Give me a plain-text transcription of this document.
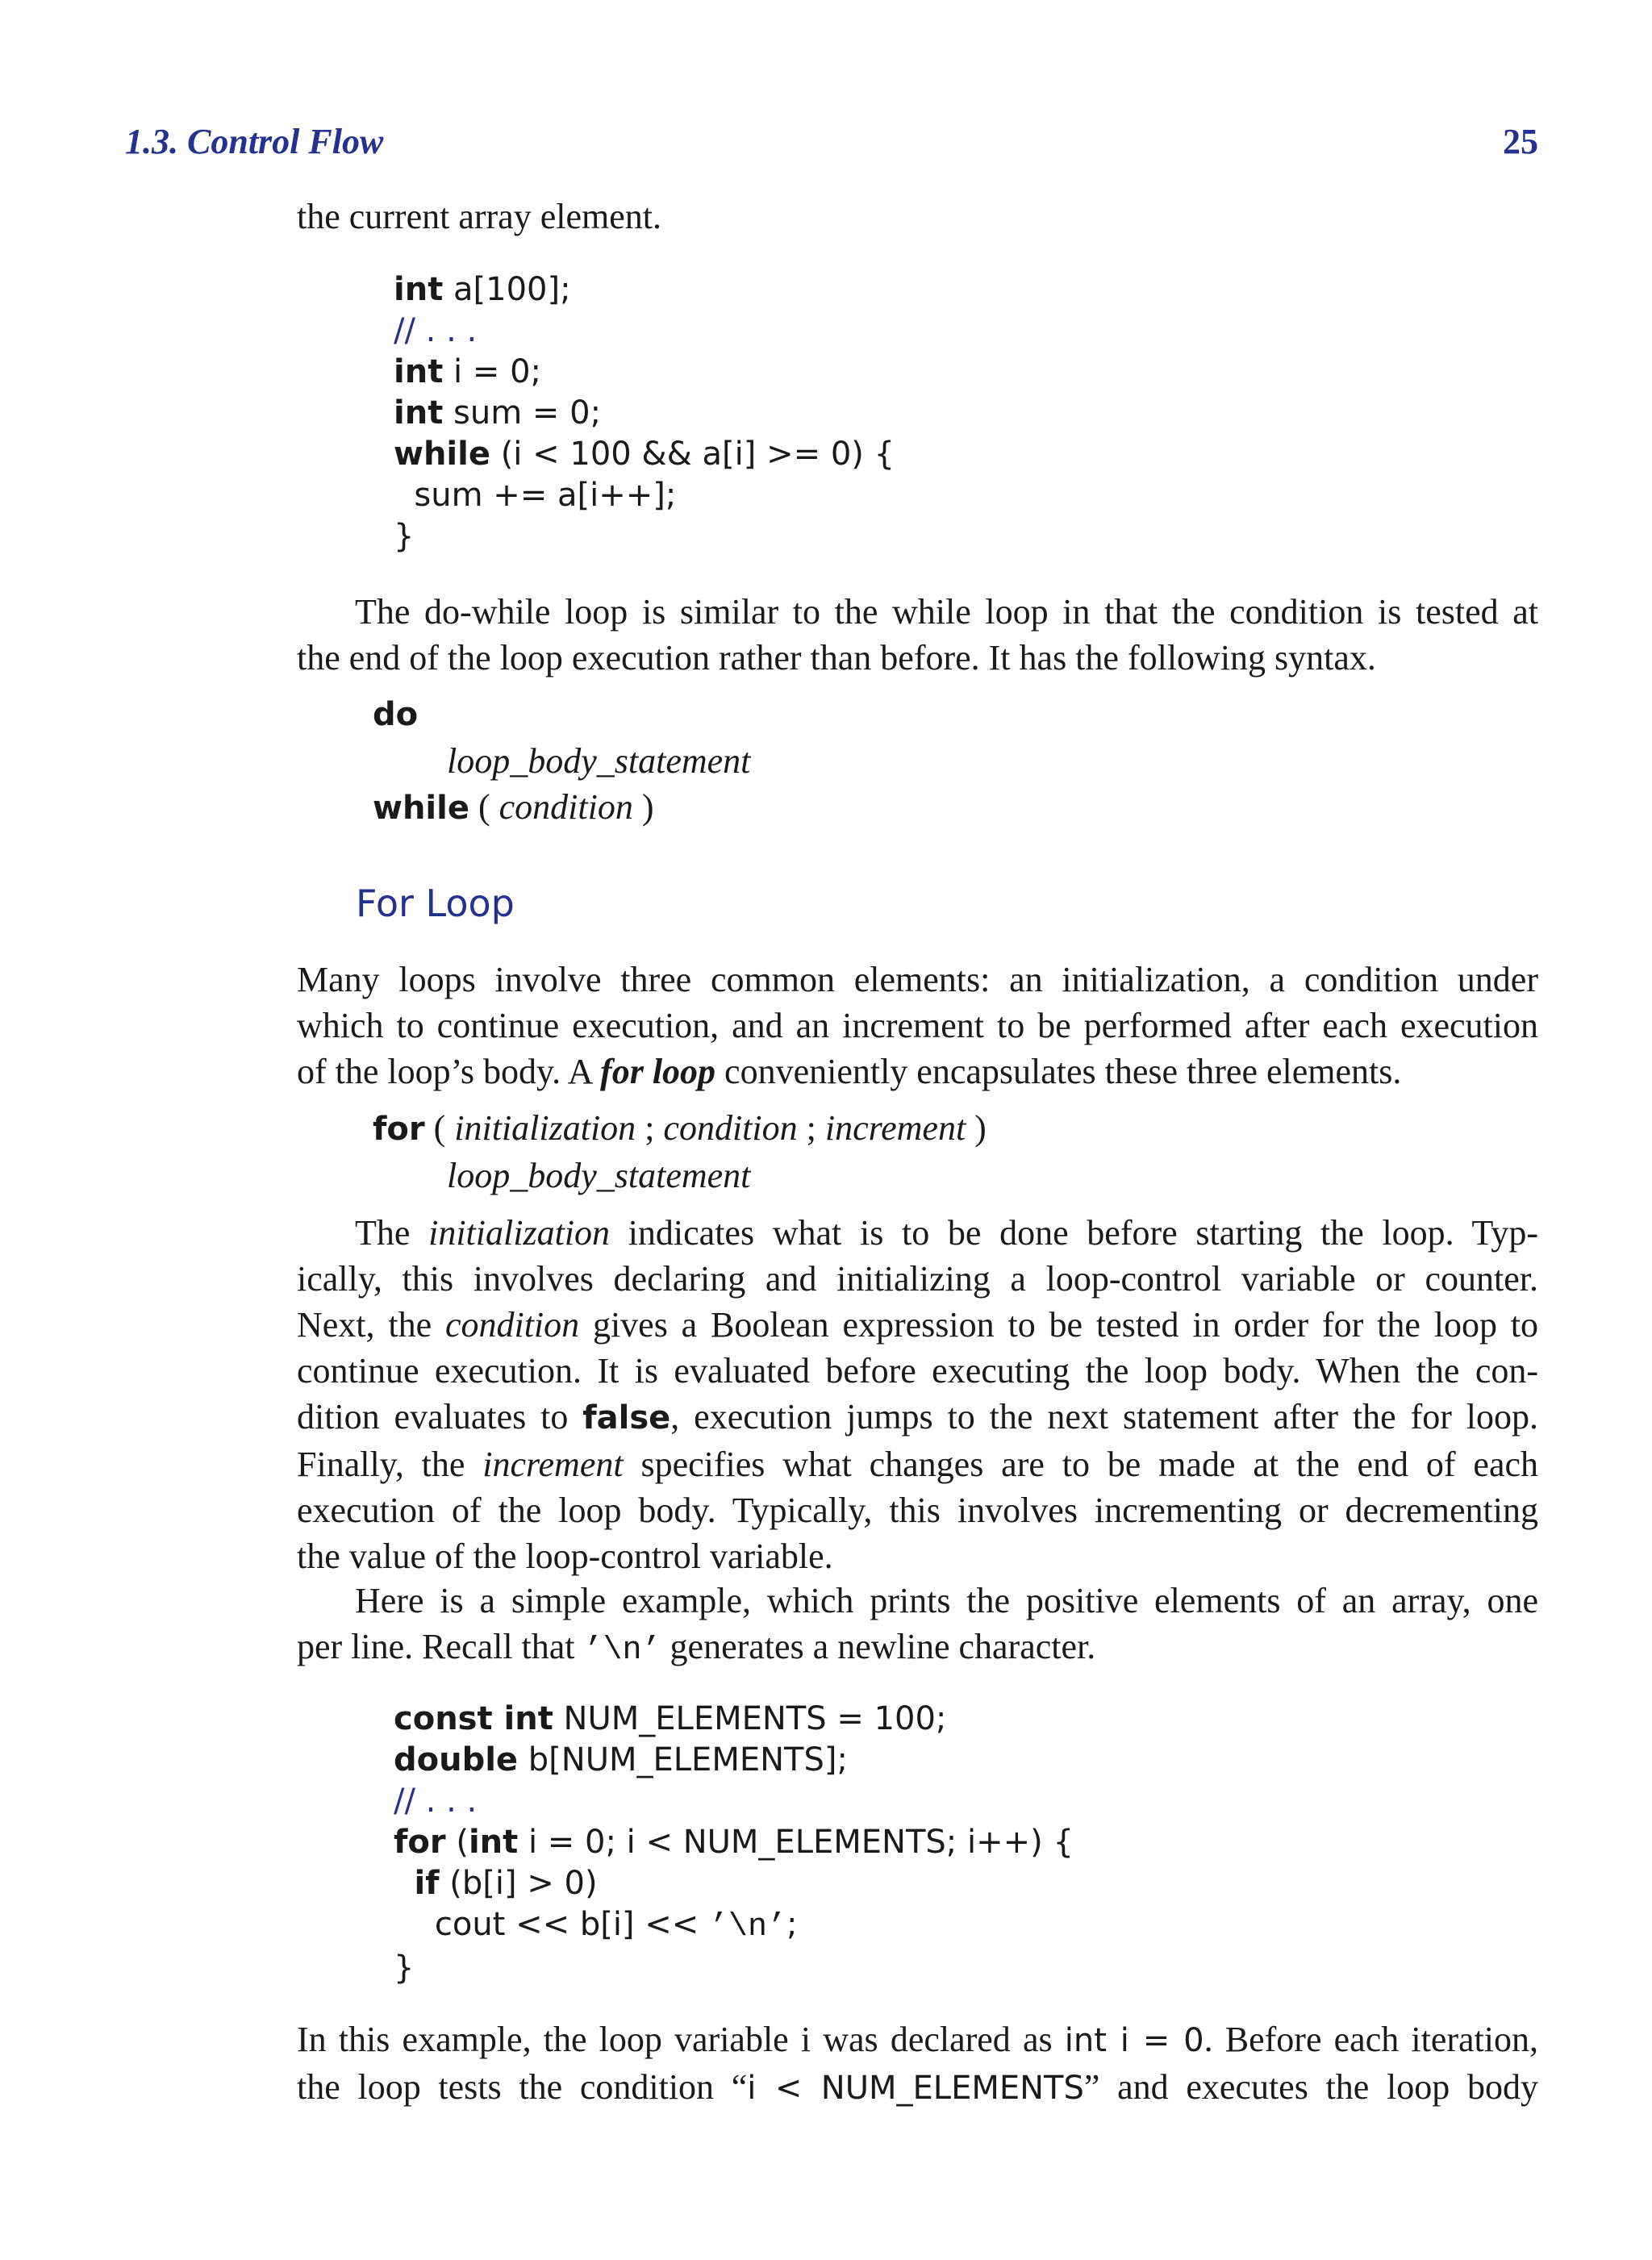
1.3. Control Flow	25
the current array element.
int a[100];
// . . .
int i = 0;
int sum = 0;
while (i < 100 && a[i] >= 0) {
sum += a[i++];
}
The do-while loop is similar to the while loop in that the condition is tested at
the end of the loop execution rather than before. It has the following syntax.
do
loop_body_statement
while ( condition )
For Loop
Many loops involve three common elements: an initialization, a condition under
which to continue execution, and an increment to be performed after each execution
of the loop’s body. A for loop conveniently encapsulates these three elements.
for ( initialization ; condition ; increment )
loop_body_statement
The initialization indicates what is to be done before starting the loop. Typ-
ically, this involves declaring and initializing a loop-control variable or counter.
Next, the condition gives a Boolean expression to be tested in order for the loop to
continue execution. It is evaluated before executing the loop body. When the con-
dition evaluates to false, execution jumps to the next statement after the for loop.
Finally, the increment specifies what changes are to be made at the end of each
execution of the loop body. Typically, this involves incrementing or decrementing
the value of the loop-control variable.
Here is a simple example, which prints the positive elements of an array, one
per line. Recall that ’\n’ generates a newline character.
const int NUM_ELEMENTS = 100;
double b[NUM_ELEMENTS];
// . . .
for (int i = 0; i < NUM_ELEMENTS; i++) {
if (b[i] > 0)
cout << b[i] << ’\n’;
}
In this example, the loop variable i was declared as int i = 0. Before each iteration,
the loop tests the condition “i < NUM_ELEMENTS” and executes the loop body
